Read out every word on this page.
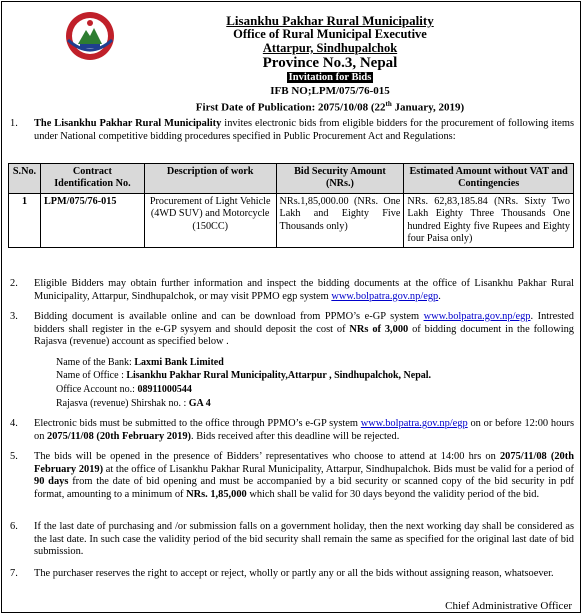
Lisankhu Pakhar Rural Municipality
Office of Rural Municipal Executive
Attarpur, Sindhupalchok
Province No.3, Nepal
Invitation for Bids
IFB NO;LPM/075/76-015
First Date of Publication: 2075/10/08 (22th January, 2019)
1. The Lisankhu Pakhar Rural Municipality invites electronic bids from eligible bidders for the procurement of following items under National competitive bidding procedures specified in Public Procurement Act and Regulations:
S.No.	Contract Identification No.	Description of work	Bid Security Amount (NRs.)	Estimated Amount without VAT and Contingencies
1	LPM/075/76-015	Procurement of Light Vehicle (4WD SUV) and Motorcycle (150CC)	NRs.1,85,000.00 (NRs. One Lakh and Eighty Five Thousands only)	NRs. 62,83,185.84 (NRs. Sixty Two Lakh Eighty Three Thousands One hundred Eighty five Rupees and Eighty four Paisa only)
2. Eligible Bidders may obtain further information and inspect the bidding documents at the office of Lisankhu Pakhar Rural Municipality, Attarpur, Sindhupalchok, or may visit PPMO egp system www.bolpatra.gov.np/egp.
3. Bidding document is available online and can be download from PPMO’s e-GP system www.bolpatra.gov.np/egp. Intrested bidders shall register in the e-GP sysyem and should deposit the cost of NRs of 3,000 of bidding document in the following Rajasva (revenue) account as specified below .
Name of the Bank: Laxmi Bank Limited
Name of Office : Lisankhu Pakhar Rural Municipality,Attarpur , Sindhupalchok, Nepal.
Office Account no.: 08911000544
Rajasva (revenue) Shirshak no. : GA 4
4. Electronic bids must be submitted to the office through PPMO’s e-GP system www.bolpatra.gov.np/egp on or before 12:00 hours on 2075/11/08 (20th February 2019). Bids received after this deadline will be rejected.
5. The bids will be opened in the presence of Bidders’ representatives who choose to attend at 14:00 hrs on 2075/11/08 (20th February 2019) at the office of Lisankhu Pakhar Rural Municipality, Attarpur, Sindhupalchok. Bids must be valid for a period of 90 days from the date of bid opening and must be accompanied by a bid security or scanned copy of the bid security in pdf format, amounting to a minimum of NRs. 1,85,000 which shall be valid for 30 days beyond the validity period of the bid.
6. If the last date of purchasing and /or submission falls on a government holiday, then the next working day shall be considered as the last date. In such case the validity period of the bid security shall remain the same as specified for the original last date of bid submission.
7. The purchaser reserves the right to accept or reject, wholly or partly any or all the bids without assigning reason, whatsoever.
Chief Administrative Officer
